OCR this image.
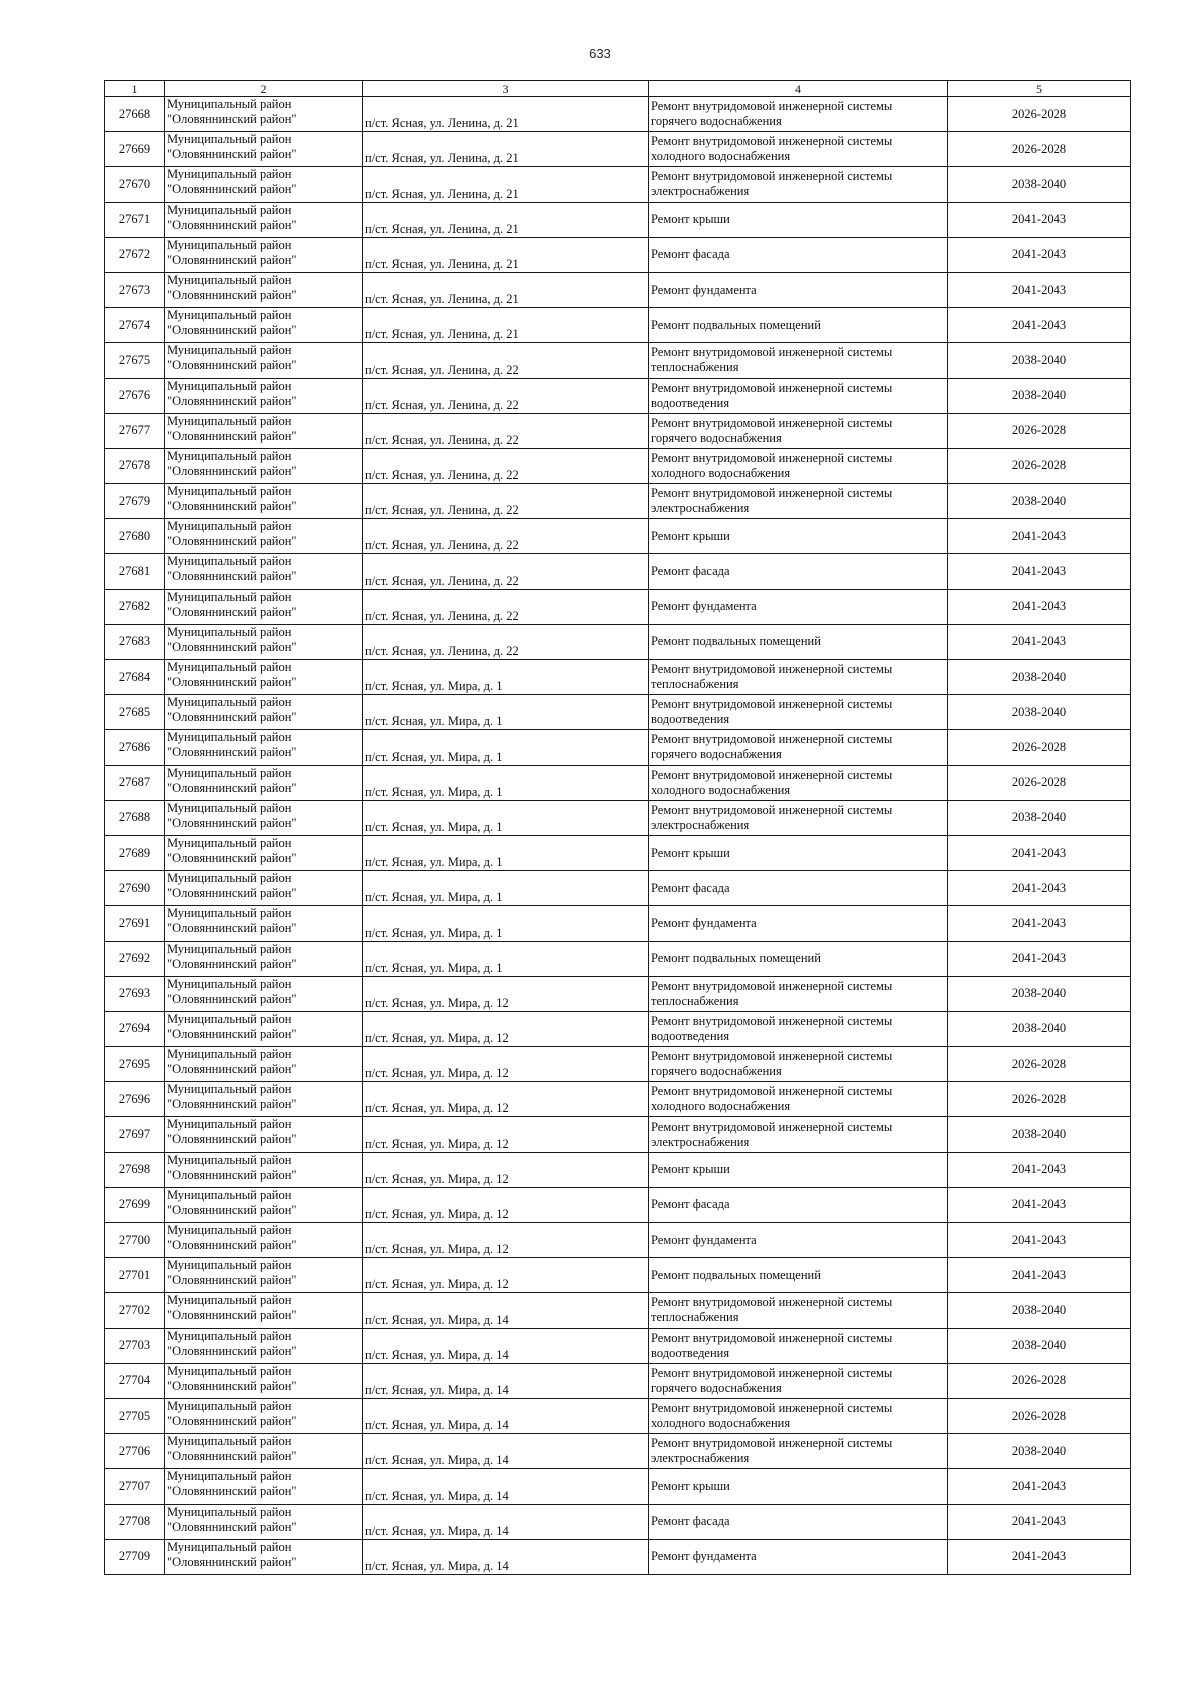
633
1	2	3	4	5
27668	Муниципальный район
"Оловяннинский район"	п/ст. Ясная, ул. Ленина, д. 21	Ремонт внутридомовой инженерной системы
горячего водоснабжения	2026-2028
27669	Муниципальный район
"Оловяннинский район"	п/ст. Ясная, ул. Ленина, д. 21	Ремонт внутридомовой инженерной системы
холодного водоснабжения	2026-2028
27670	Муниципальный район
"Оловяннинский район"	п/ст. Ясная, ул. Ленина, д. 21	Ремонт внутридомовой инженерной системы
электроснабжения	2038-2040
27671	Муниципальный район
"Оловяннинский район"	п/ст. Ясная, ул. Ленина, д. 21	Ремонт крыши	2041-2043
27672	Муниципальный район
"Оловяннинский район"	п/ст. Ясная, ул. Ленина, д. 21	Ремонт фасада	2041-2043
27673	Муниципальный район
"Оловяннинский район"	п/ст. Ясная, ул. Ленина, д. 21	Ремонт фундамента	2041-2043
27674	Муниципальный район
"Оловяннинский район"	п/ст. Ясная, ул. Ленина, д. 21	Ремонт подвальных помещений	2041-2043
27675	Муниципальный район
"Оловяннинский район"	п/ст. Ясная, ул. Ленина, д. 22	Ремонт внутридомовой инженерной системы
теплоснабжения	2038-2040
27676	Муниципальный район
"Оловяннинский район"	п/ст. Ясная, ул. Ленина, д. 22	Ремонт внутридомовой инженерной системы
водоотведения	2038-2040
27677	Муниципальный район
"Оловяннинский район"	п/ст. Ясная, ул. Ленина, д. 22	Ремонт внутридомовой инженерной системы
горячего водоснабжения	2026-2028
27678	Муниципальный район
"Оловяннинский район"	п/ст. Ясная, ул. Ленина, д. 22	Ремонт внутридомовой инженерной системы
холодного водоснабжения	2026-2028
27679	Муниципальный район
"Оловяннинский район"	п/ст. Ясная, ул. Ленина, д. 22	Ремонт внутридомовой инженерной системы
электроснабжения	2038-2040
27680	Муниципальный район
"Оловяннинский район"	п/ст. Ясная, ул. Ленина, д. 22	Ремонт крыши	2041-2043
27681	Муниципальный район
"Оловяннинский район"	п/ст. Ясная, ул. Ленина, д. 22	Ремонт фасада	2041-2043
27682	Муниципальный район
"Оловяннинский район"	п/ст. Ясная, ул. Ленина, д. 22	Ремонт фундамента	2041-2043
27683	Муниципальный район
"Оловяннинский район"	п/ст. Ясная, ул. Ленина, д. 22	Ремонт подвальных помещений	2041-2043
27684	Муниципальный район
"Оловяннинский район"	п/ст. Ясная, ул. Мира, д. 1	Ремонт внутридомовой инженерной системы
теплоснабжения	2038-2040
27685	Муниципальный район
"Оловяннинский район"	п/ст. Ясная, ул. Мира, д. 1	Ремонт внутридомовой инженерной системы
водоотведения	2038-2040
27686	Муниципальный район
"Оловяннинский район"	п/ст. Ясная, ул. Мира, д. 1	Ремонт внутридомовой инженерной системы
горячего водоснабжения	2026-2028
27687	Муниципальный район
"Оловяннинский район"	п/ст. Ясная, ул. Мира, д. 1	Ремонт внутридомовой инженерной системы
холодного водоснабжения	2026-2028
27688	Муниципальный район
"Оловяннинский район"	п/ст. Ясная, ул. Мира, д. 1	Ремонт внутридомовой инженерной системы
электроснабжения	2038-2040
27689	Муниципальный район
"Оловяннинский район"	п/ст. Ясная, ул. Мира, д. 1	Ремонт крыши	2041-2043
27690	Муниципальный район
"Оловяннинский район"	п/ст. Ясная, ул. Мира, д. 1	Ремонт фасада	2041-2043
27691	Муниципальный район
"Оловяннинский район"	п/ст. Ясная, ул. Мира, д. 1	Ремонт фундамента	2041-2043
27692	Муниципальный район
"Оловяннинский район"	п/ст. Ясная, ул. Мира, д. 1	Ремонт подвальных помещений	2041-2043
27693	Муниципальный район
"Оловяннинский район"	п/ст. Ясная, ул. Мира, д. 12	Ремонт внутридомовой инженерной системы
теплоснабжения	2038-2040
27694	Муниципальный район
"Оловяннинский район"	п/ст. Ясная, ул. Мира, д. 12	Ремонт внутридомовой инженерной системы
водоотведения	2038-2040
27695	Муниципальный район
"Оловяннинский район"	п/ст. Ясная, ул. Мира, д. 12	Ремонт внутридомовой инженерной системы
горячего водоснабжения	2026-2028
27696	Муниципальный район
"Оловяннинский район"	п/ст. Ясная, ул. Мира, д. 12	Ремонт внутридомовой инженерной системы
холодного водоснабжения	2026-2028
27697	Муниципальный район
"Оловяннинский район"	п/ст. Ясная, ул. Мира, д. 12	Ремонт внутридомовой инженерной системы
электроснабжения	2038-2040
27698	Муниципальный район
"Оловяннинский район"	п/ст. Ясная, ул. Мира, д. 12	Ремонт крыши	2041-2043
27699	Муниципальный район
"Оловяннинский район"	п/ст. Ясная, ул. Мира, д. 12	Ремонт фасада	2041-2043
27700	Муниципальный район
"Оловяннинский район"	п/ст. Ясная, ул. Мира, д. 12	Ремонт фундамента	2041-2043
27701	Муниципальный район
"Оловяннинский район"	п/ст. Ясная, ул. Мира, д. 12	Ремонт подвальных помещений	2041-2043
27702	Муниципальный район
"Оловяннинский район"	п/ст. Ясная, ул. Мира, д. 14	Ремонт внутридомовой инженерной системы
теплоснабжения	2038-2040
27703	Муниципальный район
"Оловяннинский район"	п/ст. Ясная, ул. Мира, д. 14	Ремонт внутридомовой инженерной системы
водоотведения	2038-2040
27704	Муниципальный район
"Оловяннинский район"	п/ст. Ясная, ул. Мира, д. 14	Ремонт внутридомовой инженерной системы
горячего водоснабжения	2026-2028
27705	Муниципальный район
"Оловяннинский район"	п/ст. Ясная, ул. Мира, д. 14	Ремонт внутридомовой инженерной системы
холодного водоснабжения	2026-2028
27706	Муниципальный район
"Оловяннинский район"	п/ст. Ясная, ул. Мира, д. 14	Ремонт внутридомовой инженерной системы
электроснабжения	2038-2040
27707	Муниципальный район
"Оловяннинский район"	п/ст. Ясная, ул. Мира, д. 14	Ремонт крыши	2041-2043
27708	Муниципальный район
"Оловяннинский район"	п/ст. Ясная, ул. Мира, д. 14	Ремонт фасада	2041-2043
27709	Муниципальный район
"Оловяннинский район"	п/ст. Ясная, ул. Мира, д. 14	Ремонт фундамента	2041-2043
